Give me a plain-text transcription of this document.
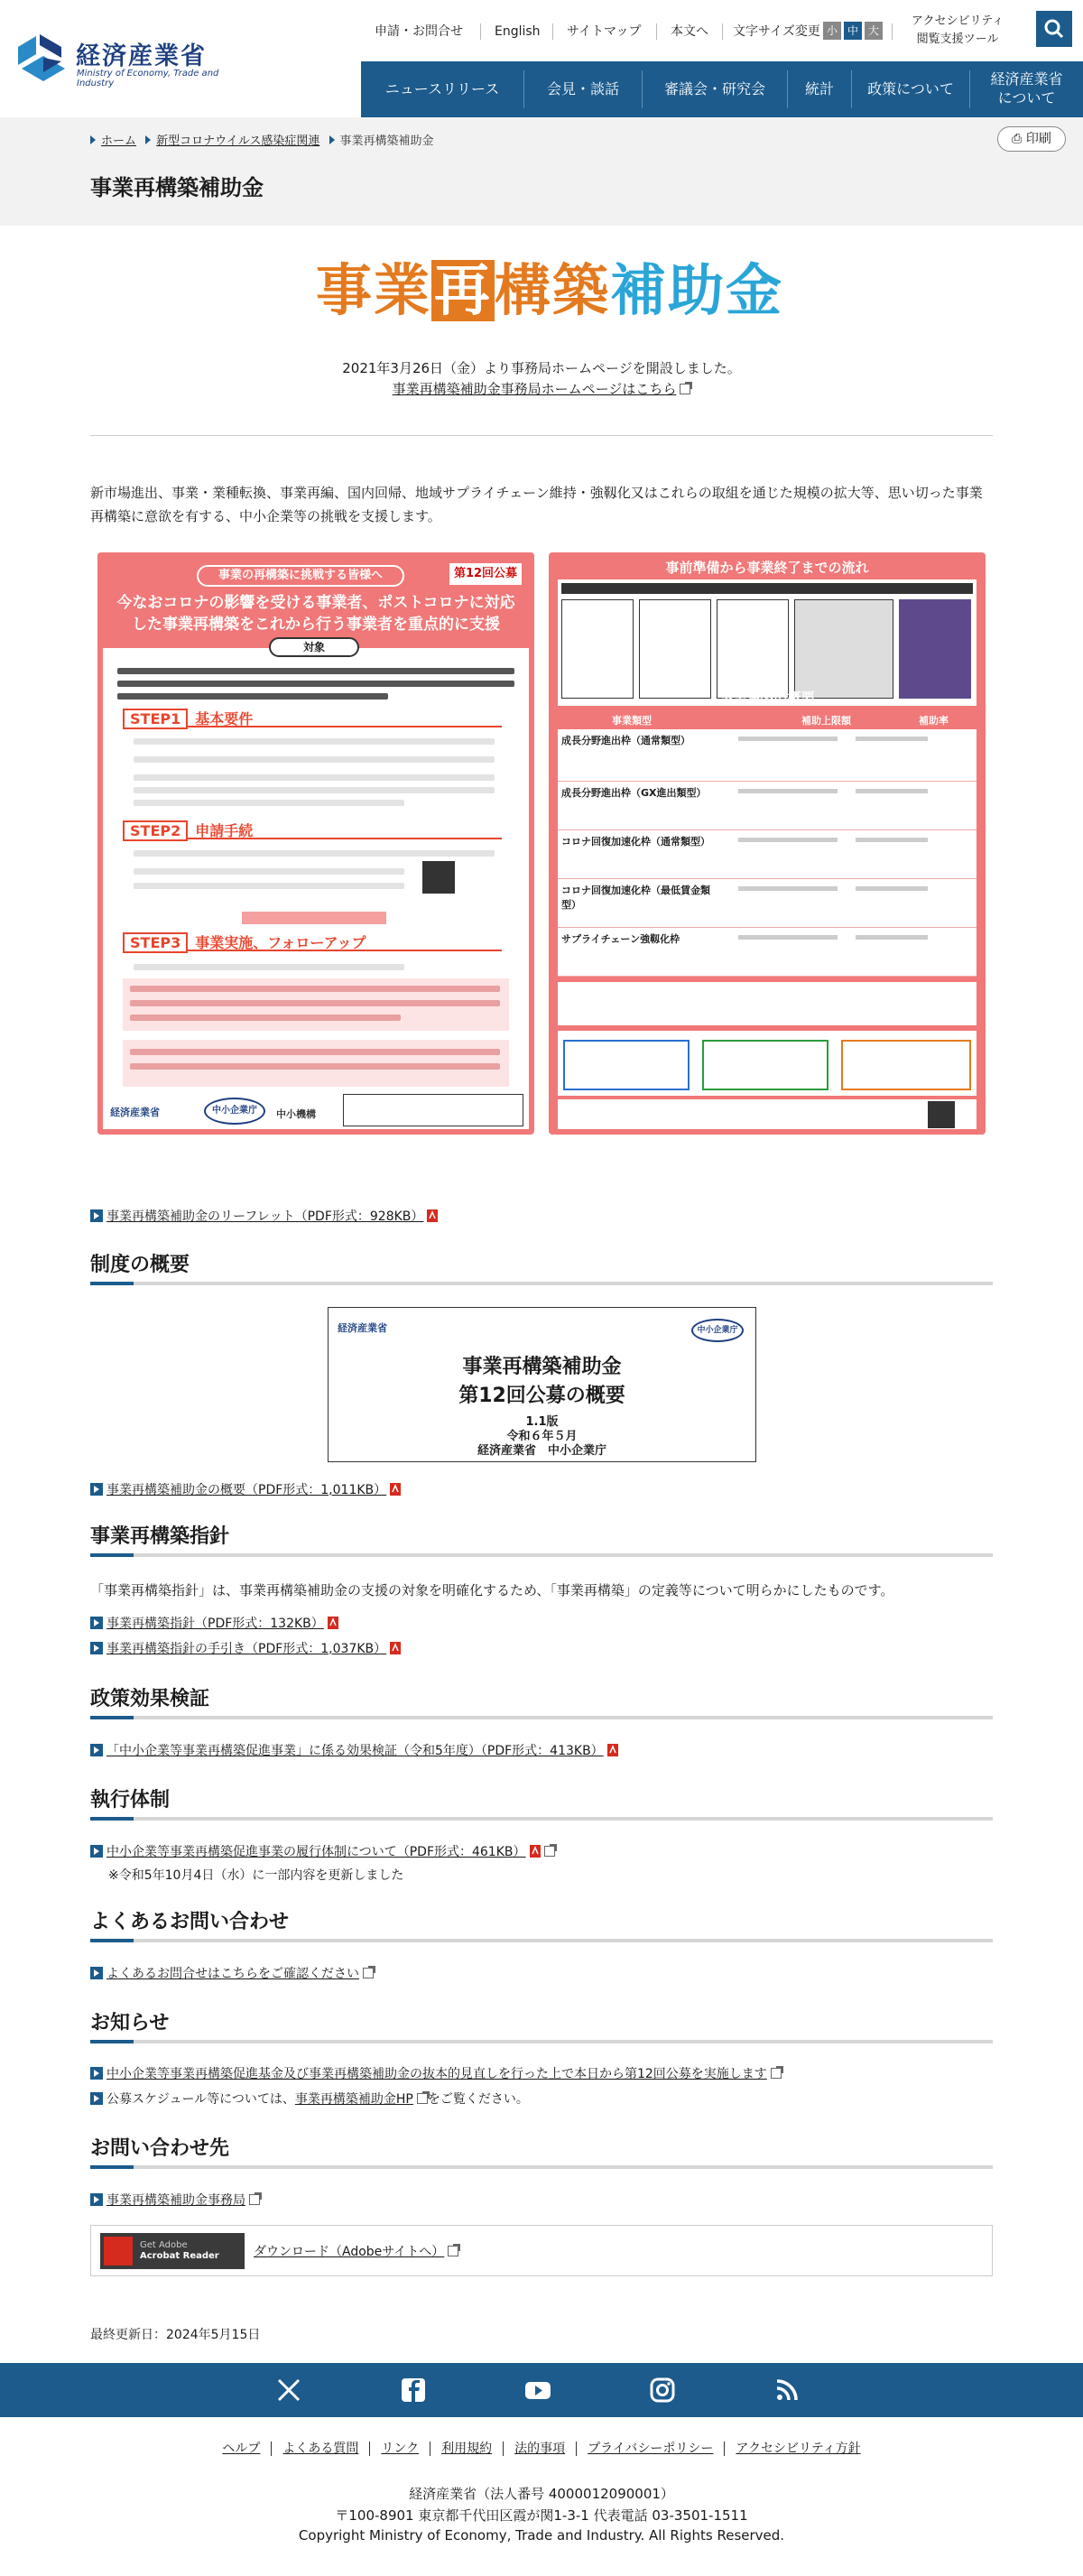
経済産業省
Ministry of Economy, Trade and Industry
申請・お問合せ	English サイトマップ 本文へ 文字サイズ変更 小 中 大
アクセシビリティ
閲覧支援ツール
ニュースリリース	会見・談話	審議会・研究会	統計	政策について
経済産業省
について
ホーム 新型コロナウイルス感染症関連 事業再構築補助金	⎙ 印刷
事業再構築補助金
事業再構築補助金

2021年3月26日（金）より事務局ホームページを開設しました。

事業再構築補助金事務局ホームページはこちら

新市場進出、事業・業種転換、事業再編、国内回帰、地域サプライチェーン維持・強靱化又はこれらの取組を通じた規模の拡大等、思い切った事業再構築に意欲を有する、中小企業等の挑戦を支援します。

事業の再構築に挑戦する皆様へ	第12回公募
今なおコロナの影響を受ける事業者、ポストコロナに対応した事業再構築をこれから行う事業者を重点的に支援
対象
STEP1 基本要件
STEP2 申請手続
STEP3 事業実施、フォローアップ
経済産業省	中小企業庁	中小機構
事前準備から事業終了までの流れ
事業類型の概要
事業類型	補助上限額	補助率
成長分野進出枠（通常類型）
成長分野進出枠（GX進出類型）
コロナ回復加速化枠（通常類型）
コロナ回復加速化枠（最低賃金類型）
サプライチェーン強靱化枠
事業再構築補助金のリーフレット（PDF形式：928KB）
制度の概要
経済産業省	中小企業庁
事業再構築補助金
第12回公募の概要
1.1版
令和６年５月
経済産業省　中小企業庁
事業再構築補助金の概要（PDF形式：1,011KB）
事業再構築指針

「事業再構築指針」は、事業再構築補助金の支援の対象を明確化するため、「事業再構築」の定義等について明らかにしたものです。

事業再構築指針（PDF形式：132KB）
事業再構築指針の手引き（PDF形式：1,037KB）
政策効果検証
「中小企業等事業再構築促進事業」に係る効果検証（令和5年度）（PDF形式：413KB）
執行体制
中小企業等事業再構築促進事業の履行体制について（PDF形式：461KB）

※令和5年10月4日（水）に一部内容を更新しました

よくあるお問い合わせ
よくあるお問合せはこちらをご確認ください
お知らせ
中小企業等事業再構築促進基金及び事業再構築補助金の抜本的見直しを行った上で本日から第12回公募を実施します
公募スケジュール等については、事業再構築補助金HP をご覧ください。
お問い合わせ先
事業再構築補助金事務局
Get Adobe
Acrobat Reader	ダウンロード（Adobeサイトへ）

最終更新日：2024年5月15日

ヘルプ よくある質問 リンク 利用規約 法的事項 プライバシーポリシー アクセシビリティ方針

経済産業省（法人番号 4000012090001）

〒100-8901 東京都千代田区霞が関1-3-1 代表電話 03-3501-1511

Copyright Ministry of Economy, Trade and Industry. All Rights Reserved.
